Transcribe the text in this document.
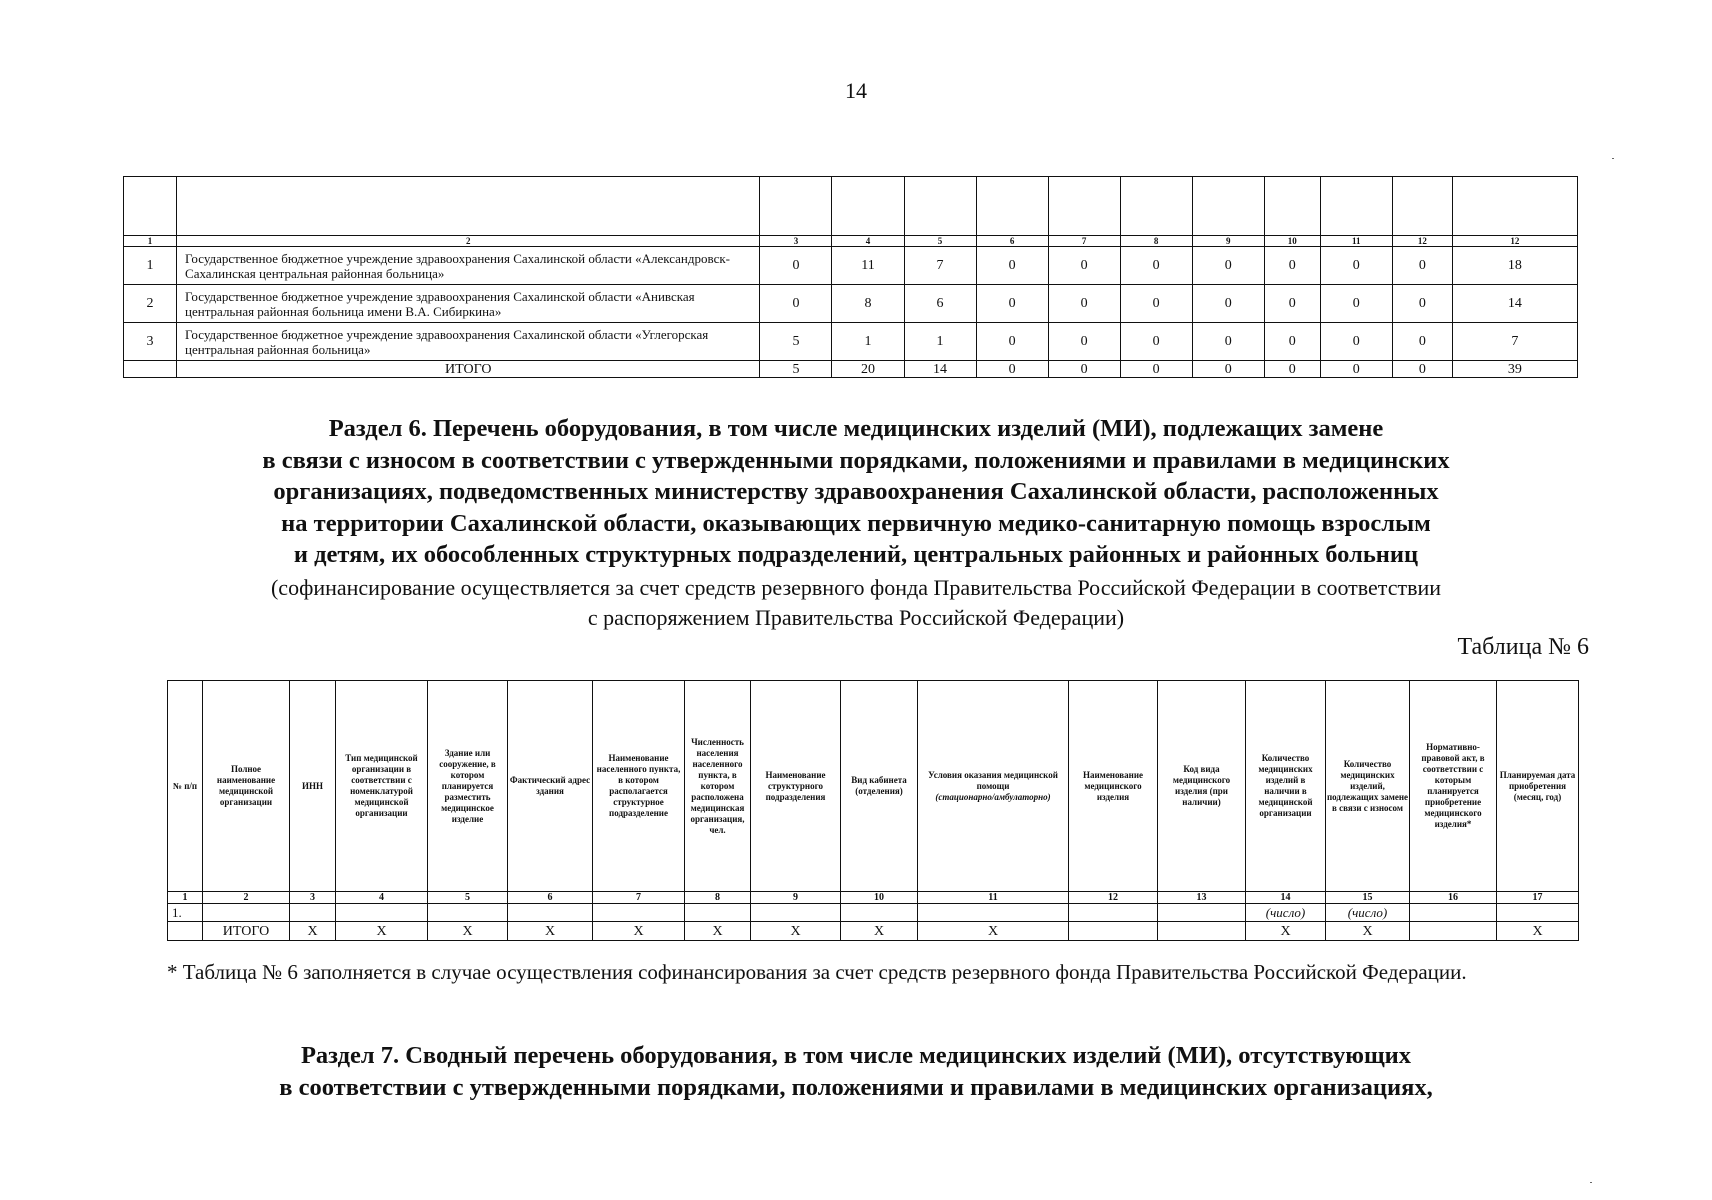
14

1	2	3	4	5	6	7	8	9	10	11	12	12
1	Государственное бюджетное учреждение здравоохранения Сахалинской области «Александровск-Сахалинская центральная районная больница»	0	11	7	0	0	0	0	0	0	0	18
2	Государственное бюджетное учреждение здравоохранения Сахалинской области «Анивская центральная районная больница имени В.А. Сибиркина»	0	8	6	0	0	0	0	0	0	0	14
3	Государственное бюджетное учреждение здравоохранения Сахалинской области «Углегорская центральная районная больница»	5	1	1	0	0	0	0	0	0	0	7
	ИТОГО	5	20	14	0	0	0	0	0	0	0	39
Раздел 6. Перечень оборудования, в том числе медицинских изделий (МИ), подлежащих замене
в связи с износом в соответствии с утвержденными порядками, положениями и правилами в медицинских
организациях, подведомственных министерству здравоохранения Сахалинской области, расположенных
на территории Сахалинской области, оказывающих первичную медико-санитарную помощь взрослым
и детям, их обособленных структурных подразделений, центральных районных и районных больниц
(софинансирование осуществляется за счет средств резервного фонда Правительства Российской Федерации в соответствии
с распоряжением Правительства Российской Федерации)
Таблица № 6
№ п/п	Полное наименование медицинской организации	ИНН	Тип медицинской организации в соответствии с номенклатурой медицинской организации	Здание или сооружение, в котором планируется разместить медицинское изделие	Фактический адрес здания	Наименование населенного пункта, в котором располагается структурное подразделение	Численность населения населенного пункта, в котором расположена медицинская организация, чел.	Наименование структурного подразделения	Вид кабинета (отделения)	Условия оказания медицинской помощи
(стационарно/амбулаторно)	Наименование медицинского изделия	Код вида медицинского изделия (при наличии)	Количество медицинских изделий в наличии в медицинской организации	Количество медицинских изделий, подлежащих замене в связи с износом	Нормативно-правовой акт, в соответствии с которым планируется приобретение медицинского изделия*	Планируемая дата приобретения (месяц, год)
1	2	3	4	5	6	7	8	9	10	11	12	13	14	15	16	17
1.													(число)	(число)		
	ИТОГО	Х	Х	Х	Х	Х	Х	Х	Х	Х			Х	Х		Х
* Таблица № 6 заполняется в случае осуществления софинансирования за счет средств резервного фонда Правительства Российской Федерации.
Раздел 7. Сводный перечень оборудования, в том числе медицинских изделий (МИ), отсутствующих
в соответствии с утвержденными порядками, положениями и правилами в медицинских организациях,
